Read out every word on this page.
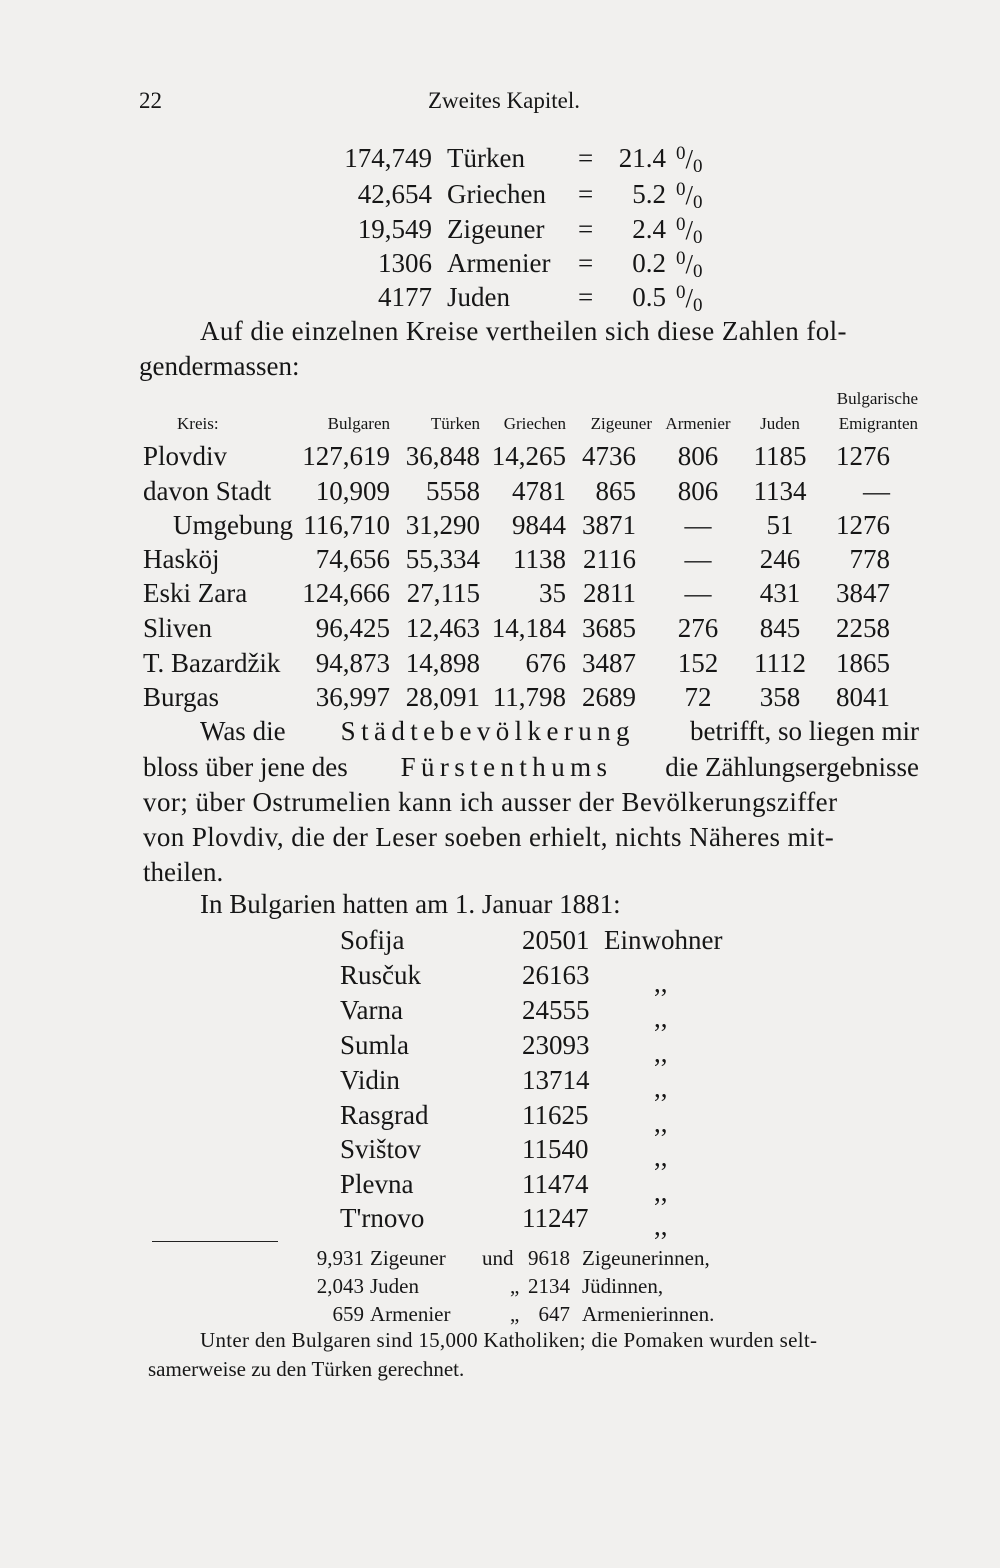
22	Zweites Kapitel.
174,749 Türken = 21.4 $^0/_0$
42,654 Griechen =	5.2 $^0/_0$
19,549 Zigeuner =	2.4 $^0/_0$
1306 Armenier =	0.2 $^0/_0$
4177 Juden	=	0.5 $^0/_0$
Auf die einzelnen Kreise vertheilen sich diese Zahlen fol-
gendermassen:
Bulgarische
Kreis:	Bulgaren	Türken	Griechen	Zigeuner Armenier	Juden	Emigranten
Plovdiv	127,619 36,848 14,265 4736	806	1185	1276
davon Stadt	10,909	5558	4781	865	806	1134	—
Umgebung 116,710 31,290	9844 3871	—	51	1276
Hasköj	74,656 55,334	1138 2116	—	246	778
Eski Zara	124,666 27,115	35 2811	—	431	3847
Sliven	96,425 12,463 14,184 3685	276	845	2258
T. Bazardžik	94,873 14,898	676 3487	152	1112	1865
Burgas	36,997 28,091 11,798 2689	72	358	8041
Was die Städtebevölkerung betrifft, so liegen mir
bloss über jene des Fürstenthums die Zählungsergebnisse
vor; über Ostrumelien kann ich ausser der Bevölkerungsziffer
von Plovdiv, die der Leser soeben erhielt, nichts Näheres mit-
theilen.
In Bulgarien hatten am 1. Januar 1881:
Sofija	20501 Einwohner
Rusčuk	26163 ,,
Varna	24555 ,,
Sumla	23093 ,,
Vidin	13714 ,,
Rasgrad	11625 ,,
Svištov	11540 ,,
Plevna	11474 ,,
T'rnovo	11247 ,,
9,931 Zigeuner und 9618 Zigeunerinnen,
2,043 Juden	„ 2134 Jüdinnen,
659 Armenier	„ 647 Armenierinnen.
Unter den Bulgaren sind 15,000 Katholiken; die Pomaken wurden selt-
samerweise zu den Türken gerechnet.
